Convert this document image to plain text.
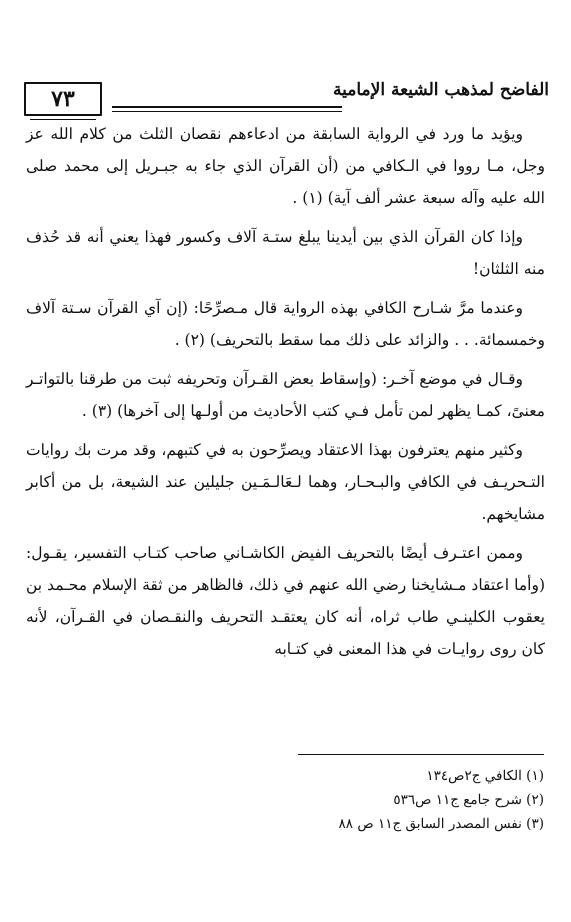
٧٣	الفاضح لمذهب الشيعة الإمامية

ويؤيد ما ورد في الرواية السابقة من ادعاءهم نقصان الثلث من كلام الله عز وجل، مـا رووا في الـكافي من (أن القرآن الذي جاء به جبـريل إلى محمد صلى الله عليه وآله سبعة عشر ألف آية) (١) .

وإذا كان القرآن الذي بين أيدينا يبلغ ستـة آلاف وكسور فهذا يعني أنه قد حُذف منه الثلثان!

وعندما مرَّ شـارح الكافي بهذه الرواية قال مـصرِّحًا: (إن آي القرآن سـتة آلاف وخمسمائة. . . والزائد على ذلك مما سقط بالتحريف) (٢) .

وقـال في موضع آخـر: (وإسقاط بعض القـرآن وتحريفه ثبت من طرقنا بالتواتـر معنىً، كمـا يظهر لمن تأمل فـي كتب الأحاديث من أولـها إلى آخرها) (٣) .

وكثير منهم يعترفون بهذا الاعتقاد ويصرِّحون به في كتبهم، وقد مرت بك روايات التـحريـف في الكافي والبـحـار، وهما لـعَالـمَـين جليلين عند الشيعة، بل من أكابر مشايخهم.

وممن اعتـرف أيضًا بالتحريف الفيض الكاشـاني صاحب كتـاب التفسير، يقـول: (وأما اعتقاد مـشايخنا رضي الله عنهم في ذلك، فالظاهر من ثقة الإسلام محـمد بن يعقوب الكلينـي طاب ثراه، أنه كان يعتقـد التحريف والنقـصان في القـرآن، لأنه كان روى روايـات في هذا المعنى في كتـابه

(١) الكافي ج٢ص١٣٤
(٢) شرح جامع ج١١ ص٥٣٦
(٣) نفس المصدر السابق ج١١ ص ٨٨
